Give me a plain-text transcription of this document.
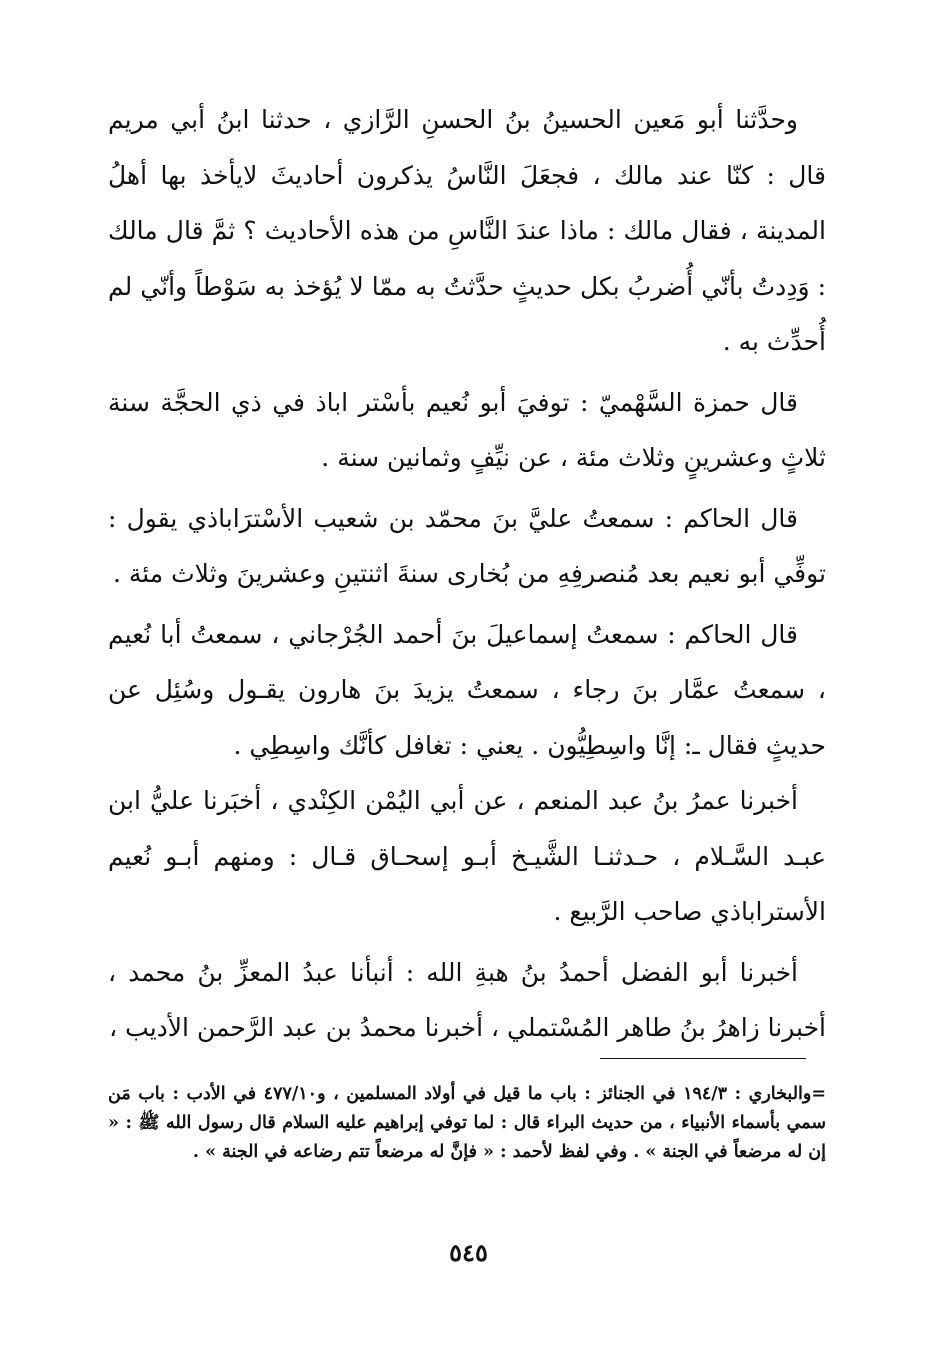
وحدَّثنا أبو مَعين الحسينُ بنُ الحسنِ الرَّازي ، حدثنا ابنُ أبي مريم قال : كنّا عند مالك ، فجعَلَ النَّاسُ يذكرون أحاديثَ لايأخذ بها أهلُ المدينة ، فقال مالك : ماذا عندَ النَّاسِ من هذه الأحاديث ؟ ثمَّ قال مالك : وَدِدتُ بأنّي أُضربُ بكل حديثٍ حدَّثتُ به ممّا لا يُؤخذ به سَوْطاً وأنّي لم أُحدِّث به .

قال حمزة السَّهْميّ : توفيَ أبو نُعيم بأسْتر اباذ في ذي الحجَّة سنة ثلاثٍ وعشرينٍ وثلاث مئة ، عن نيِّفٍ وثمانين سنة .

قال الحاكم : سمعتُ عليَّ بنَ محمّد بن شعيب الأسْترَاباذي يقول : توفِّي أبو نعيم بعد مُنصرفِهِ من بُخارى سنةَ اثنتينِ وعشرينَ وثلاث مئة .

قال الحاكم : سمعتُ إسماعيلَ بنَ أحمد الجُرْجاني ، سمعتُ أبا نُعيم ، سمعتُ عمَّار بنَ رجاء ، سمعتُ يزيدَ بنَ هارون يقـول وسُئِل عن حديثٍ فقال ـ: إنَّا واسِطِيُّون . يعني : تغافل كأنَّك واسِطِي .

أخبرنا عمرُ بنُ عبد المنعم ، عن أبي اليُمْن الكِنْدي ، أخبَرنا عليُّ ابن عبـد السَّـلام ، حـدثنـا الشَّيـخ أبـو إسحـاق قـال : ومنهم أبـو نُعيم الأستراباذي صاحب الرَّبيع .

أخبرنا أبو الفضل أحمدُ بنُ هبةِ الله : أنبأنا عبدُ المعزِّ بنُ محمد ، أخبرنا زاهرُ بنُ طاهر المُسْتملي ، أخبرنا محمدُ بن عبد الرَّحمن الأديب ،

=والبخاري : ١٩٤/٣ في الجنائز : باب ما قيل في أولاد المسلمين ، و٤٧٧/١٠ في الأدب : باب مَن سمي بأسماء الأنبياء ، من حديث البراء قال : لما توفي إبراهيم عليه السلام قال رسول الله ﷺ : « إن له مرضعاً في الجنة » . وفي لفظ لأحمد : « فإنَّ له مرضعاً تتم رضاعه في الجنة » .

٥٤٥
